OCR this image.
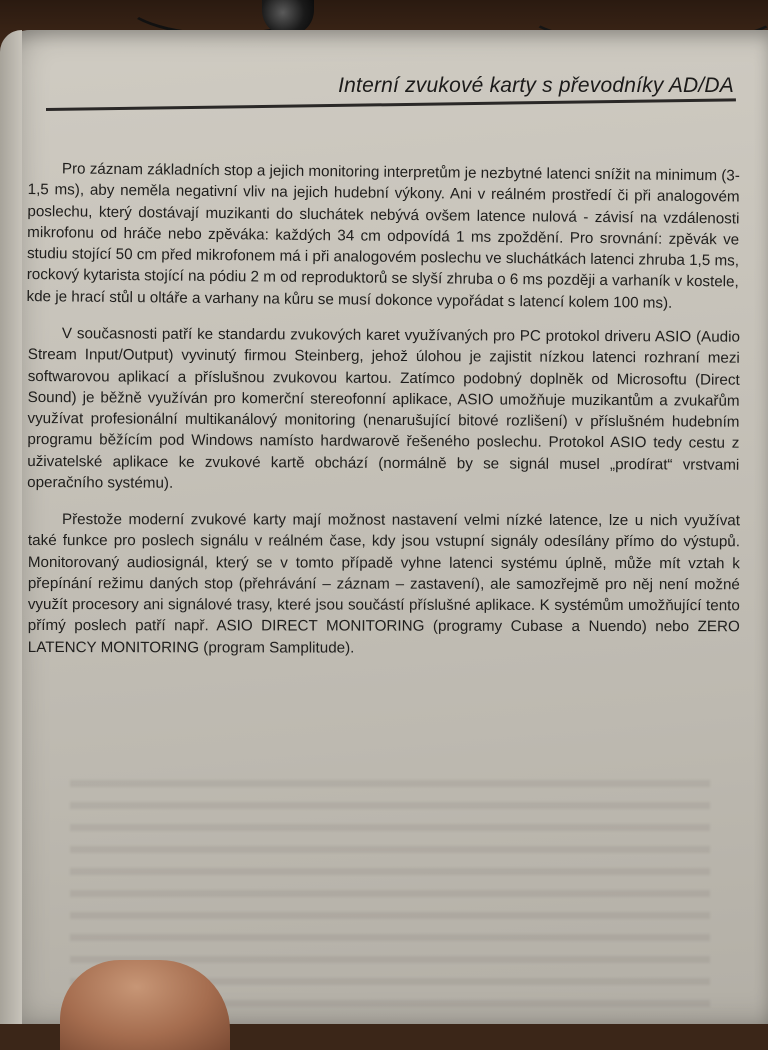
Interní zvukové karty s převodníky AD/DA

Pro záznam základních stop a jejich monitoring interpretům je nezbytné latenci snížit na minimum (3-1,5 ms), aby neměla negativní vliv na jejich hudební výkony. Ani v reálném prostředí či při analogovém poslechu, který dostávají muzikanti do sluchátek nebývá ovšem latence nulová - závisí na vzdálenosti mikrofonu od hráče nebo zpěváka: každých 34 cm odpovídá 1 ms zpoždění. Pro srovnání: zpěvák ve studiu stojící 50 cm před mikrofonem má i při analogovém poslechu ve sluchátkách latenci zhruba 1,5 ms, rockový kytarista stojící na pódiu 2 m od reproduktorů se slyší zhruba o 6 ms později a varhaník v kostele, kde je hrací stůl u oltáře a varhany na kůru se musí dokonce vypořádat s latencí kolem 100 ms).

V současnosti patří ke standardu zvukových karet využívaných pro PC protokol driveru ASIO (Audio Stream Input/Output) vyvinutý firmou Steinberg, jehož úlohou je zajistit nízkou latenci rozhraní mezi softwarovou aplikací a příslušnou zvukovou kartou. Zatímco podobný doplněk od Microsoftu (Direct Sound) je běžně využíván pro komerční stereofonní aplikace, ASIO umožňuje muzikantům a zvukařům využívat profesionální multikanálový monitoring (nenarušující bitové rozlišení) v příslušném hudebním programu běžícím pod Windows namísto hardwarově řešeného poslechu. Protokol ASIO tedy cestu z uživatelské aplikace ke zvukové kartě obchází (normálně by se signál musel „prodírat“ vrstvami operačního systému).

Přestože moderní zvukové karty mají možnost nastavení velmi nízké latence, lze u nich využívat také funkce pro poslech signálu v reálném čase, kdy jsou vstupní signály odesílány přímo do výstupů. Monitorovaný audiosignál, který se v tomto případě vyhne latenci systému úplně, může mít vztah k přepínání režimu daných stop (přehrávání – záznam – zastavení), ale samozřejmě pro něj není možné využít procesory ani signálové trasy, které jsou součástí příslušné aplikace. K systémům umožňující tento přímý poslech patří např. ASIO DIRECT MONITORING (programy Cubase a Nuendo) nebo ZERO LATENCY MONITORING (program Samplitude).
